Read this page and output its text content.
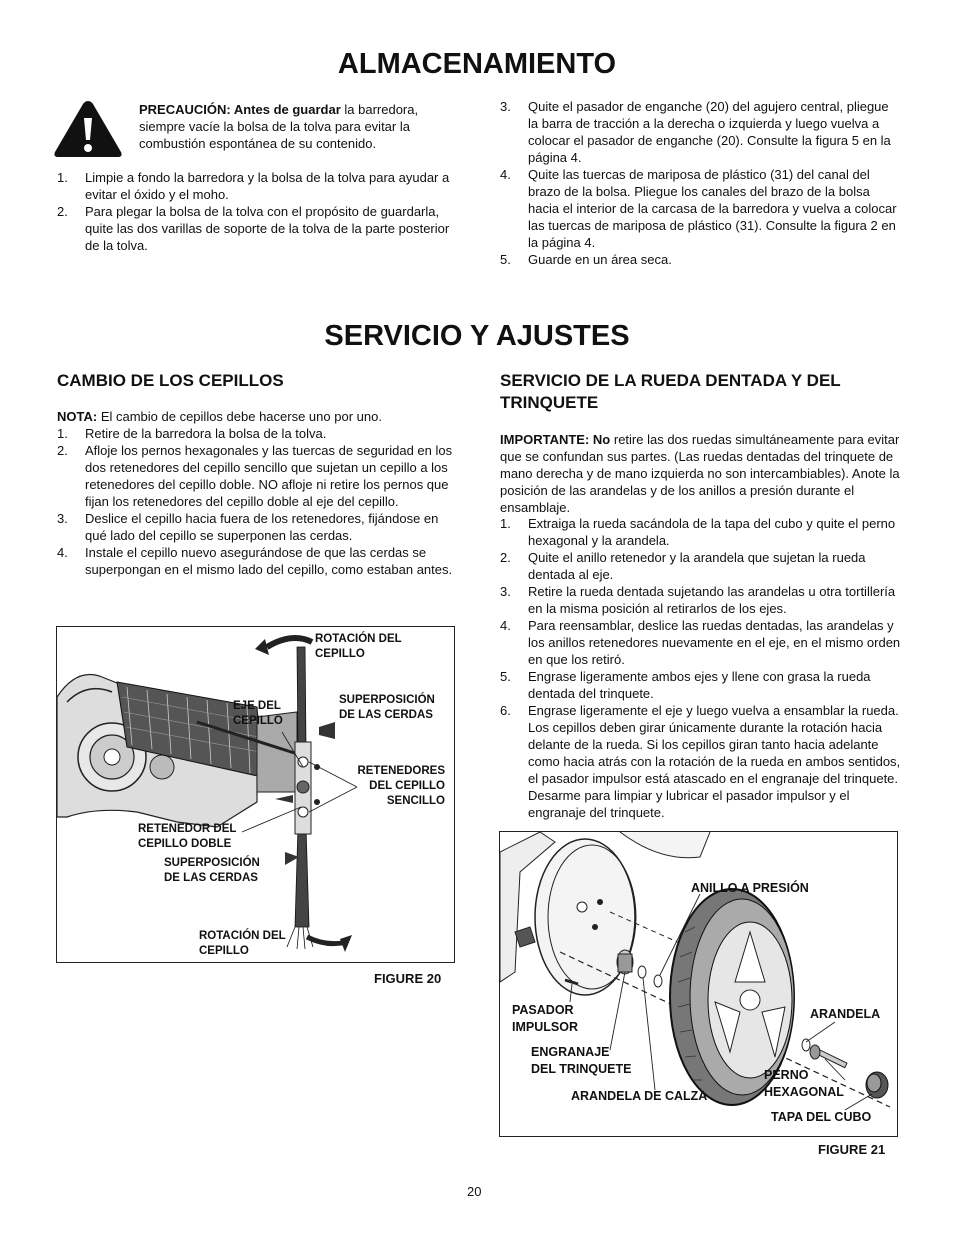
ALMACENAMIENTO
PRECAUCIÓN: Antes de guardar la barredora, siempre vacíe la bolsa de la tolva para evitar la combustión espontánea de su contenido.
1. Limpie a fondo la barredora y la bolsa de la tolva para ayudar a evitar el óxido y el moho.
2. Para plegar la bolsa de la tolva con el propósito de guardarla, quite las dos varillas de soporte de la tolva de la parte posterior de la tolva.
3. Quite el pasador de enganche (20) del agujero central, pliegue la barra de tracción a la derecha o izquierda y luego vuelva a colocar el pasador de enganche (20). Consulte la figura 5 en la página 4.
4. Quite las tuercas de mariposa de plástico (31) del canal del brazo de la bolsa. Pliegue los canales del brazo de la bolsa hacia el interior de la carcasa de la barredora y vuelva a colocar las tuercas de mariposa de plástico (31). Consulte la figura 2 en la página 4.
5. Guarde en un área seca.
SERVICIO Y AJUSTES
CAMBIO DE LOS CEPILLOS
NOTA: El cambio de cepillos debe hacerse uno por uno.
1. Retire de la barredora la bolsa de la tolva.
2. Afloje los pernos hexagonales y las tuercas de seguridad en los dos retenedores del cepillo sencillo que sujetan un cepillo a los retenedores del cepillo doble. NO afloje ni retire los pernos que fijan los retenedores del cepillo doble al eje del cepillo.
3. Deslice el cepillo hacia fuera de los retenedores, fijándose en qué lado del cepillo se superponen las cerdas.
4. Instale el cepillo nuevo asegurándose de que las cerdas se superpongan en el mismo lado del cepillo, como estaban antes.
SERVICIO DE LA RUEDA DENTADA Y DEL TRINQUETE
IMPORTANTE: No retire las dos ruedas simultáneamente para evitar que se confundan sus partes. (Las ruedas dentadas del trinquete de mano derecha y de mano izquierda no son intercambiables). Anote la posición de las arandelas y de los anillos a presión durante el ensamblaje.
1. Extraiga la rueda sacándola de la tapa del cubo y quite el perno hexagonal y la arandela.
2. Quite el anillo retenedor y la arandela que sujetan la rueda dentada al eje.
3. Retire la rueda dentada sujetando las arandelas u otra tortillería en la misma posición al retirarlos de los ejes.
4. Para reensamblar, deslice las ruedas dentadas, las arandelas y los anillos retenedores nuevamente en el eje, en el mismo orden en que los retiró.
5. Engrase ligeramente ambos ejes y llene con grasa la rueda dentada del trinquete.
6. Engrase ligeramente el eje y luego vuelva a ensamblar la rueda. Los cepillos deben girar únicamente durante la rotación hacia delante de la rueda. Si los cepillos giran tanto hacia adelante como hacia atrás con la rotación de la rueda en ambos sentidos, el pasador impulsor está atascado en el engranaje del trinquete. Desarme para limpiar y lubricar el pasador impulsor y el engranaje del trinquete.
ROTACIÓN DEL
CEPILLO
EJE DEL
CEPILLO
SUPERPOSICIÓN
DE LAS CERDAS
RETENEDORES
DEL CEPILLO
SENCILLO
RETENEDOR DEL
CEPILLO DOBLE
SUPERPOSICIÓN
DE LAS CERDAS
ROTACIÓN DEL
CEPILLO
FIGURE 20
ANILLO A PRESIÓN
PASADOR
IMPULSOR
ENGRANAJE
DEL TRINQUETE
ARANDELA DE CALZA
ARANDELA
PERNO
HEXAGONAL
TAPA DEL CUBO
FIGURE 21
20
